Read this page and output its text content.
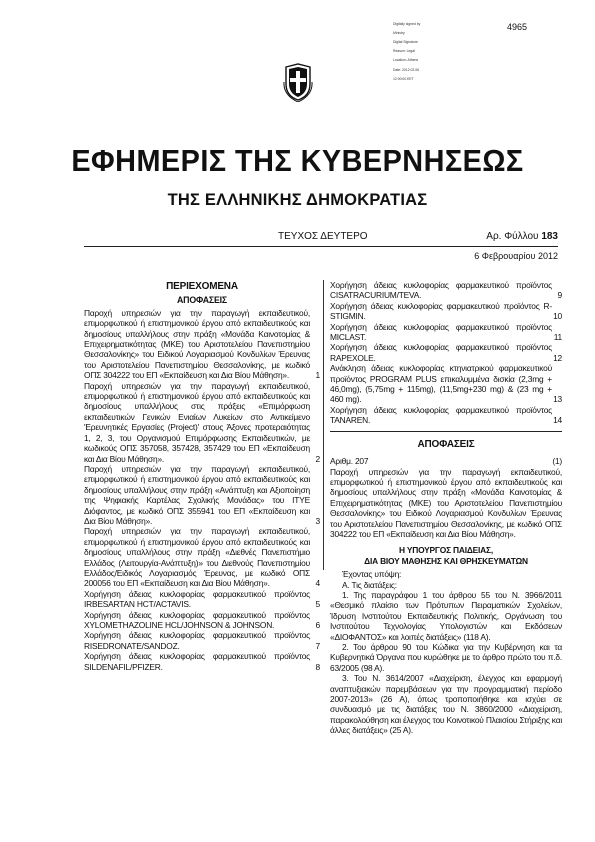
Digitally signed by

Ministry

Digital Signature

Reason: Legal

Location: Athens

Date: 2012.02.06

12:00:00 EET

4965
ΕΦΗΜΕΡΙΣ ΤΗΣ ΚΥΒΕΡΝΗΣΕΩΣ
ΤΗΣ ΕΛΛΗΝΙΚΗΣ ΔΗΜΟΚΡΑΤΙΑΣ
ΤΕΥΧΟΣ ΔΕΥΤΕΡΟ	Αρ. Φύλλου 183
6 Φεβρουαρίου 2012
ΠΕΡΙΕΧΟΜΕΝΑ
ΑΠΟΦΑΣΕΙΣ
Παροχή υπηρεσιών για την παραγωγή εκπαιδευτικού, επιμορφωτικού ή επιστημονικού έργου από εκπαιδευτικούς και δημοσίους υπαλλήλους στην πράξη «Μονάδα Καινοτομίας & Επιχειρηματικότητας (ΜΚΕ) του Αριστοτελείου Πανεπιστημίου Θεσσαλονίκης» του Ειδικού Λογαριασμού Κονδυλίων Έρευνας του Αριστοτελείου Πανεπιστημίου Θεσσαλονίκης, με κωδικό ΟΠΣ 304222 του ΕΠ «Εκπαίδευση και Δια Βίου Μάθηση».	1
Παροχή υπηρεσιών για την παραγωγή εκπαιδευτικού, επιμορφωτικού ή επιστημονικού έργου από εκπαιδευτικούς και δημοσίους υπαλλήλους στις πράξεις «Επιμόρφωση εκπαιδευτικών Γενικών Ενιαίων Λυκείων στο Αντικείμενο 'Ερευνητικές Εργασίες (Project)' στους Άξονες προτεραιότητας 1, 2, 3, του Οργανισμού Επιμόρφωσης Εκπαιδευτικών, με κωδικούς ΟΠΣ 357058, 357428, 357429 του ΕΠ «Εκπαίδευση και Δια Βίου Μάθηση».	2
Παροχή υπηρεσιών για την παραγωγή εκπαιδευτικού, επιμορφωτικού ή επιστημονικού έργου από εκπαιδευτικούς και δημοσίους υπαλλήλους στην πράξη «Ανάπτυξη και Αξιοποίηση της Ψηφιακής Καρτέλας Σχολικής Μονάδας» του ΙΤΥΕ Διόφαντος, με κωδικό ΟΠΣ 355941 του ΕΠ «Εκπαίδευση και Δια Βίου Μάθηση».	3
Παροχή υπηρεσιών για την παραγωγή εκπαιδευτικού, επιμορφωτικού ή επιστημονικού έργου από εκπαιδευτικούς και δημοσίους υπαλλήλους στην πράξη «Διεθνές Πανεπιστήμιο Ελλάδος (Λειτουργία-Ανάπτυξη)» του Διεθνούς Πανεπιστημίου Ελλάδος/Ειδικός Λογαριασμός Έρευνας, με κωδικό ΟΠΣ 200056 του ΕΠ «Εκπαίδευση και Δια Βίου Μάθηση».	4
Χορήγηση άδειας κυκλοφορίας φαρμακευτικού προϊόντος IRBESARTAN HCT/ACTAVIS.	5
Χορήγηση άδειας κυκλοφορίας φαρμακευτικού προϊόντος XYLOMETHAZOLINE HCL/JOHNSON & JOHNSON.	6
Χορήγηση άδειας κυκλοφορίας φαρμακευτικού προϊόντος RISEDRONATE/SANDOZ.	7
Χορήγηση άδειας κυκλοφορίας φαρμακευτικού προϊόντος SILDENAFIL/PFIZER.	8
Χορήγηση άδειας κυκλοφορίας φαρμακευτικού προϊόντος CISATRACURIUM/TEVA.	9
Χορήγηση άδειας κυκλοφορίας φαρμακευτικού προϊόντος R-STIGMIN.	10
Χορήγηση άδειας κυκλοφορίας φαρμακευτικού προϊόντος MICLAST.	11
Χορήγηση άδειας κυκλοφορίας φαρμακευτικού προϊόντος RAPEXOLE.	12
Ανάκληση άδειας κυκλοφορίας κτηνιατρικού φαρμακευτικού προϊόντος PROGRAM PLUS επικαλυμμένα δισκία (2,3mg + 46,0mg), (5,75mg + 115mg), (11,5mg+230 mg) & (23 mg + 460 mg).	13
Χορήγηση άδειας κυκλοφορίας φαρμακευτικού προϊόντος TANAREN.	14
ΑΠΟΦΑΣΕΙΣ
Αριθμ. 207	(1)
Παροχή υπηρεσιών για την παραγωγή εκπαιδευτικού, επιμορφωτικού ή επιστημονικού έργου από εκπαιδευτικούς και δημοσίους υπαλλήλους στην πράξη «Μονάδα Καινοτομίας & Επιχειρηματικότητας (ΜΚΕ) του Αριστοτελείου Πανεπιστημίου Θεσσαλονίκης» του Ειδικού Λογαριασμού Κονδυλίων Έρευνας του Αριστοτελείου Πανεπιστημίου Θεσσαλονίκης, με κωδικό ΟΠΣ 304222 του ΕΠ «Εκπαίδευση και Δια Βίου Μάθηση».
Η ΥΠΟΥΡΓΟΣ ΠΑΙΔΕΙΑΣ,
ΔΙΑ ΒΙΟΥ ΜΑΘΗΣΗΣ ΚΑΙ ΘΡΗΣΚΕΥΜΑΤΩΝ
Έχοντας υπόψη:
Α. Τις διατάξεις:
1. Της παραγράφου 1 του άρθρου 55 του Ν. 3966/2011 «Θεσμικό πλαίσιο των Πρότυπων Πειραματικών Σχολείων, Ίδρυση Ινστιτούτου Εκπαιδευτικής Πολιτικής, Οργάνωση του Ινστιτούτου Τεχνολογίας Υπολογιστών και Εκδόσεων «ΔΙΟΦΑΝΤΟΣ» και λοιπές διατάξεις» (118 Α).
2. Του άρθρου 90 του Κώδικα για την Κυβέρνηση και τα Κυβερνητικά Όργανα που κυρώθηκε με το άρθρο πρώτο του π.δ. 63/2005 (98 Α).
3. Του Ν. 3614/2007 «Διαχείριση, έλεγχος και εφαρμογή αναπτυξιακών παρεμβάσεων για την προγραμματική περίοδο 2007-2013» (26 Α), όπως τροποποιήθηκε και ισχύει σε συνδυασμό με τις διατάξεις του Ν. 3860/2000 «Διαχείριση, παρακολούθηση και έλεγχος του Κοινοτικού Πλαισίου Στήριξης και άλλες διατάξεις» (25 Α).
